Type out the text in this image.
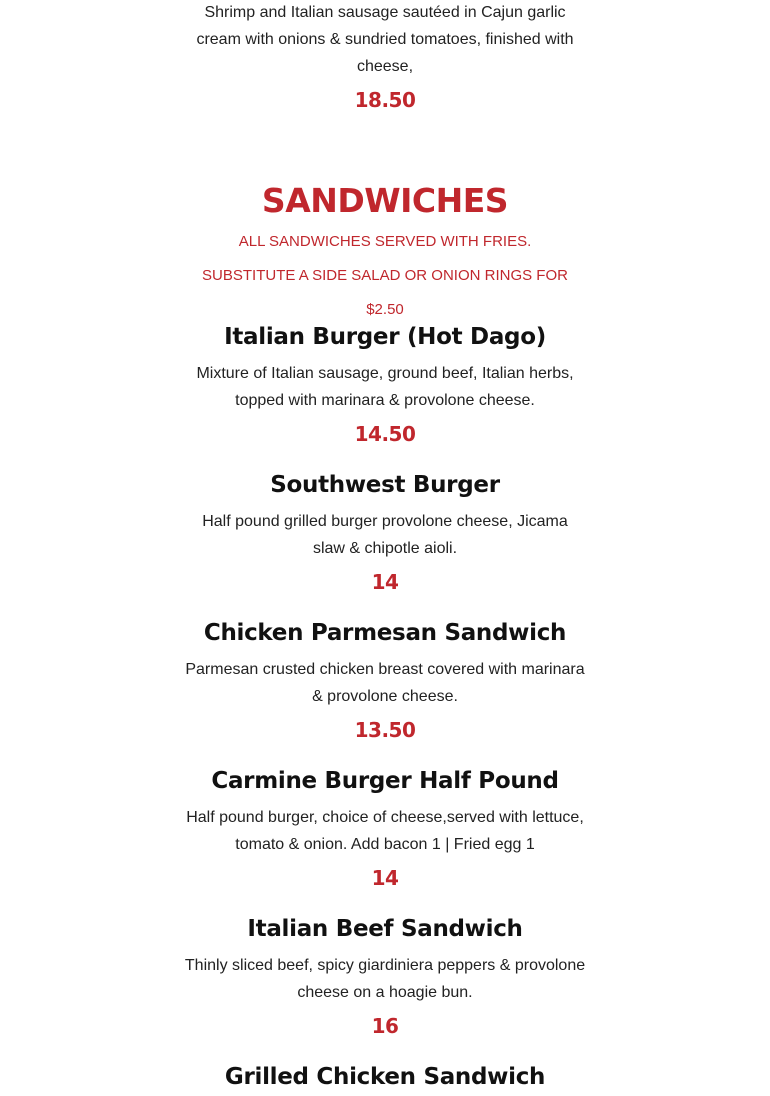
Shrimp and Italian sausage sautéed in Cajun garlic cream with onions & sundried tomatoes, finished with cheese,

18.50

SANDWICHES

ALL SANDWICHES SERVED WITH FRIES. SUBSTITUTE A SIDE SALAD OR ONION RINGS FOR $2.50

Italian Burger (Hot Dago)

Mixture of Italian sausage, ground beef, Italian herbs, topped with marinara & provolone cheese.

14.50

Southwest Burger

Half pound grilled burger provolone cheese, Jicama slaw & chipotle aioli.

14

Chicken Parmesan Sandwich

Parmesan crusted chicken breast covered with marinara & provolone cheese.

13.50

Carmine Burger Half Pound

Half pound burger, choice of cheese,served with lettuce, tomato & onion. Add bacon 1 | Fried egg 1

14

Italian Beef Sandwich

Thinly sliced beef, spicy giardiniera peppers & provolone cheese on a hoagie bun.

16

Grilled Chicken Sandwich
